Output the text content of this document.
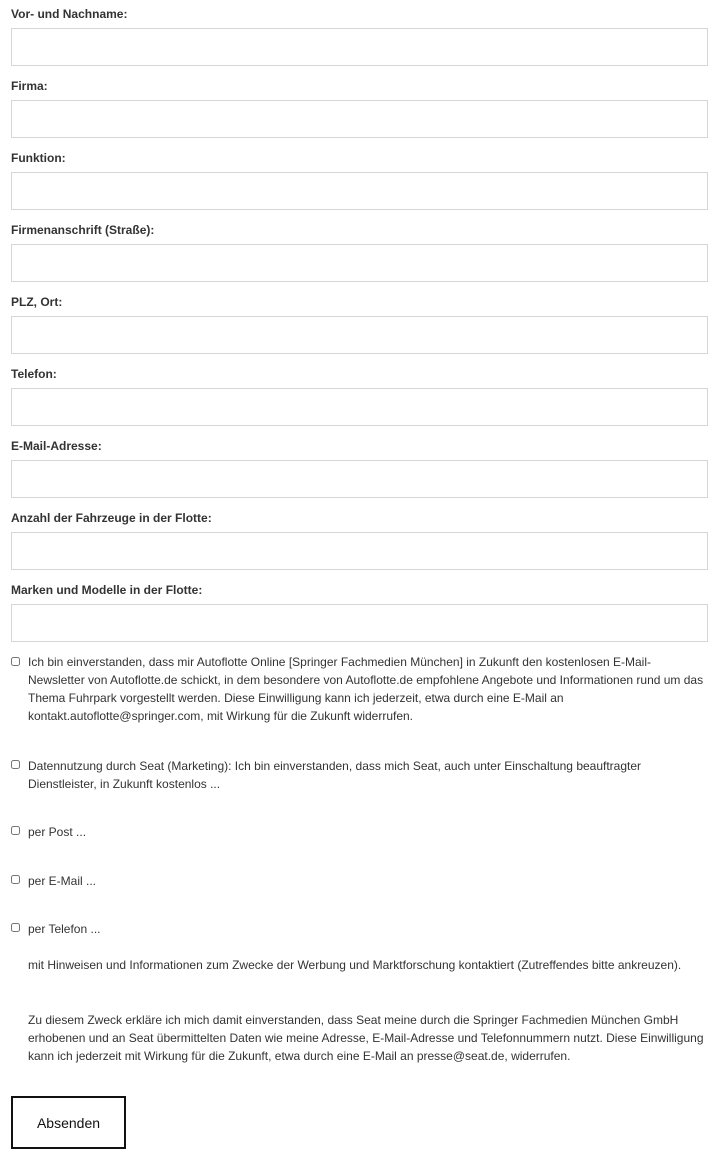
Vor- und Nachname:
Firma:
Funktion:
Firmenanschrift (Straße):
PLZ, Ort:
Telefon:
E-Mail-Adresse:
Anzahl der Fahrzeuge in der Flotte:
Marken und Modelle in der Flotte:
Ich bin einverstanden, dass mir Autoflotte Online [Springer Fachmedien München] in Zukunft den kostenlosen E-Mail-Newsletter von Autoflotte.de schickt, in dem besondere von Autoflotte.de empfohlene Angebote und Informationen rund um das Thema Fuhrpark vorgestellt werden. Diese Einwilligung kann ich jederzeit, etwa durch eine E-Mail an kontakt.autoflotte@springer.com, mit Wirkung für die Zukunft widerrufen.
Datennutzung durch Seat (Marketing): Ich bin einverstanden, dass mich Seat, auch unter Einschaltung beauftragter Dienstleister, in Zukunft kostenlos ...
per Post ...
per E-Mail ...
per Telefon ...
mit Hinweisen und Informationen zum Zwecke der Werbung und Marktforschung kontaktiert (Zutreffendes bitte ankreuzen).
Zu diesem Zweck erkläre ich mich damit einverstanden, dass Seat meine durch die Springer Fachmedien München GmbH erhobenen und an Seat übermittelten Daten wie meine Adresse, E-Mail-Adresse und Telefonnummern nutzt. Diese Einwilligung kann ich jederzeit mit Wirkung für die Zukunft, etwa durch eine E-Mail an presse@seat.de, widerrufen.
Absenden
